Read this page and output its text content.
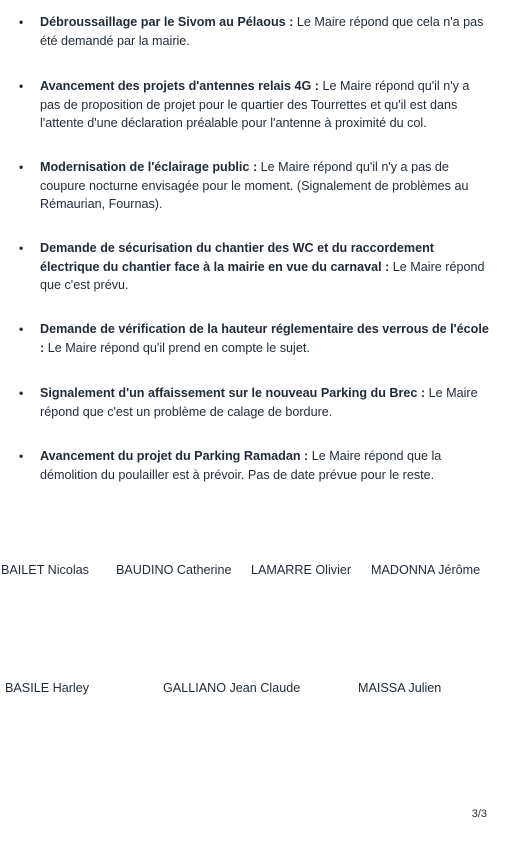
• Débroussaillage par le Sivom au Pélaous : Le Maire répond que cela n'a pas été demandé par la mairie.
• Avancement des projets d'antennes relais 4G : Le Maire répond qu'il n'y a pas de proposition de projet pour le quartier des Tourrettes et qu'il est dans l'attente d'une déclaration préalable pour l'antenne à proximité du col.
• Modernisation de l'éclairage public : Le Maire répond qu'il n'y a pas de coupure nocturne envisagée pour le moment. (Signalement de problèmes au Rémaurian, Fournas).
• Demande de sécurisation du chantier des WC et du raccordement électrique du chantier face à la mairie en vue du carnaval : Le Maire répond que c'est prévu.
• Demande de vérification de la hauteur réglementaire des verrous de l'école : Le Maire répond qu'il prend en compte le sujet.
• Signalement d'un affaissement sur le nouveau Parking du Brec : Le Maire répond que c'est un problème de calage de bordure.
• Avancement du projet du Parking Ramadan : Le Maire répond que la démolition du poulailler est à prévoir. Pas de date prévue pour le reste.
BAILET Nicolas BAUDINO Catherine LAMARRE Olivier MADONNA Jérôme
BASILE Harley	GALLIANO Jean Claude	MAISSA Julien
3/3
